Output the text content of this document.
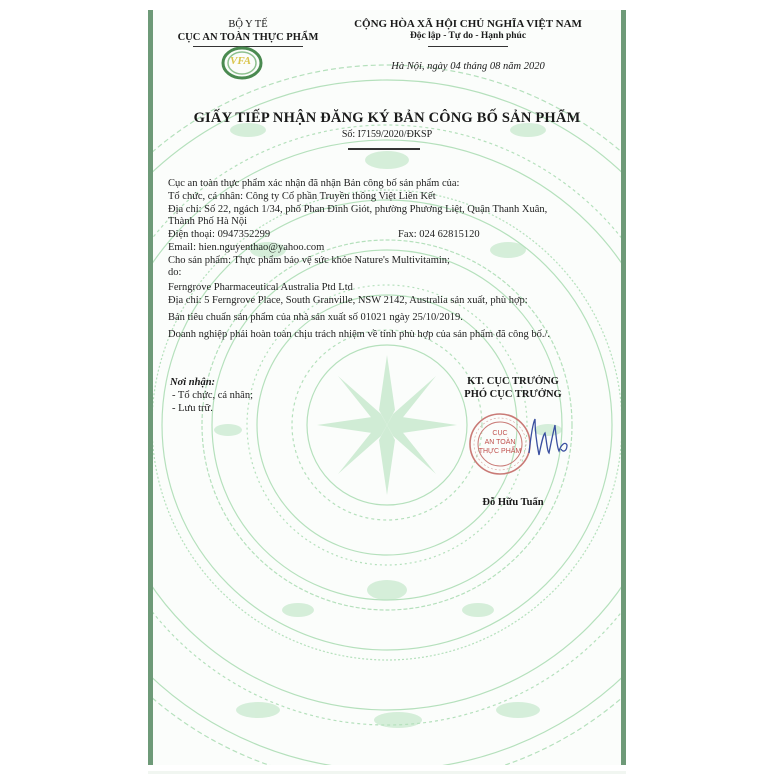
BỘ Y TẾ
CỤC AN TOÀN THỰC PHẨM
VFA
CỘNG HÒA XÃ HỘI CHỦ NGHĨA VIỆT NAM
Độc lập - Tự do - Hạnh phúc
Hà Nội, ngày 04 tháng 08 năm 2020
GIẤY TIẾP NHẬN ĐĂNG KÝ BẢN CÔNG BỐ SẢN PHẨM
Số: I7159/2020/ĐKSP
Cục an toàn thực phẩm xác nhận đã nhận Bản công bố sản phẩm của:
Tổ chức, cá nhân: Công ty Cổ phần Truyền thông Việt Liên Kết
Địa chỉ: Số 22, ngách 1/34, phố Phan Đình Giót, phường Phương Liệt, Quận Thanh Xuân,
Thành Phố Hà Nội
Điện thoại: 0947352299	Fax: 024 62815120
Email: hien.nguyenthao@yahoo.com
Cho sản phẩm: Thực phẩm bảo vệ sức khỏe Nature's Multivitamin;
do:
Ferngrove Pharmaceutical Australia Ptd Ltd
Địa chỉ: 5 Ferngrove Place, South Granville, NSW 2142, Australia sản xuất, phù hợp:
Bản tiêu chuẩn sản phẩm của nhà sản xuất số 01021 ngày 25/10/2019.
Doanh nghiệp phải hoàn toàn chịu trách nhiệm về tính phù hợp của sản phẩm đã công bố./.
Nơi nhận:
- Tổ chức, cá nhân;
- Lưu trữ.
KT. CỤC TRƯỞNG
PHÓ CỤC TRƯỞNG
CỤC
AN TOÀN
THỰC PHẨM
Đỗ Hữu Tuấn
